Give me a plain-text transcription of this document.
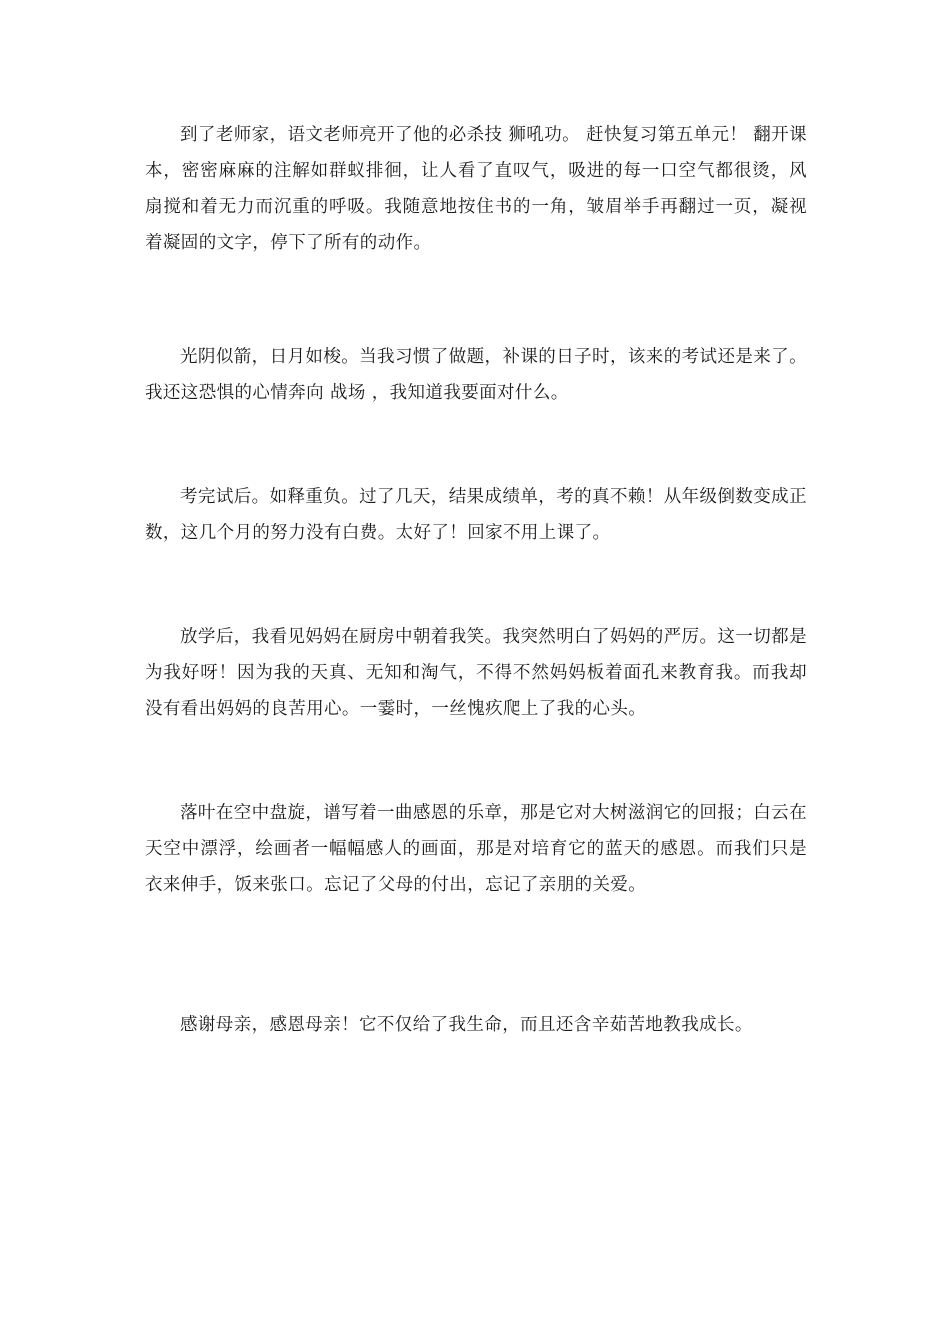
到了老师家，语文老师亮开了他的必杀技 狮吼功。 赶快复习第五单元！ 翻开课本，密密麻麻的注解如群蚁排徊，让人看了直叹气，吸进的每一口空气都很烫，风扇搅和着无力而沉重的呼吸。我随意地按住书的一角，皱眉举手再翻过一页，凝视着凝固的文字，停下了所有的动作。

光阴似箭，日月如梭。当我习惯了做题，补课的日子时，该来的考试还是来了。我还这恐惧的心情奔向 战场 ，我知道我要面对什么。

考完试后。如释重负。过了几天，结果成绩单，考的真不赖！从年级倒数变成正数，这几个月的努力没有白费。太好了！回家不用上课了。

放学后，我看见妈妈在厨房中朝着我笑。我突然明白了妈妈的严厉。这一切都是为我好呀！因为我的天真、无知和淘气，不得不然妈妈板着面孔来教育我。而我却没有看出妈妈的良苦用心。一霎时，一丝愧疚爬上了我的心头。

落叶在空中盘旋，谱写着一曲感恩的乐章，那是它对大树滋润它的回报；白云在天空中漂浮，绘画者一幅幅感人的画面，那是对培育它的蓝天的感恩。而我们只是衣来伸手，饭来张口。忘记了父母的付出，忘记了亲朋的关爱。

感谢母亲，感恩母亲！它不仅给了我生命，而且还含辛茹苦地教我成长。
